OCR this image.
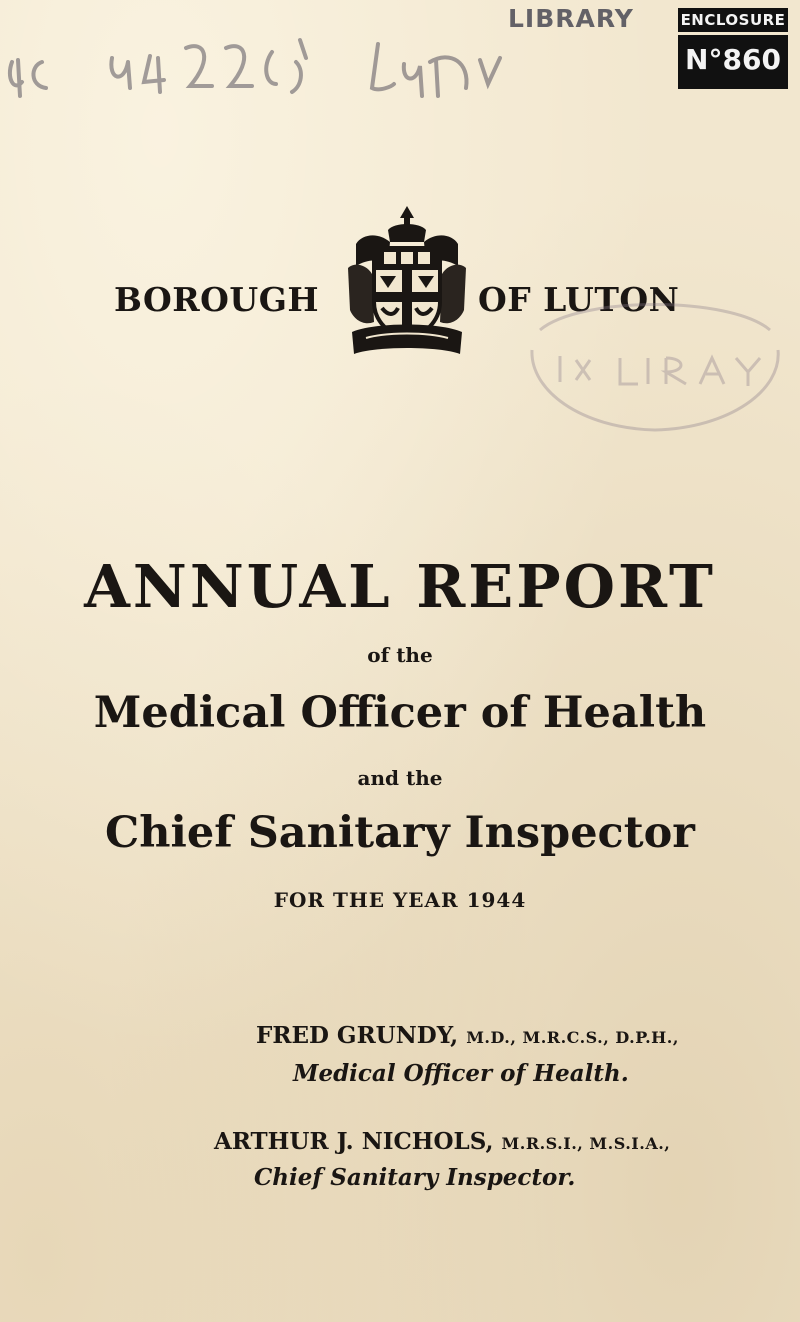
LIBRARY	ENCLOSURE
N°860
BOROUGH	OF LUTON
ANNUAL REPORT
of the
Medical Officer of Health
and the
Chief Sanitary Inspector
FOR THE YEAR 1944
FRED GRUNDY, M.D., M.R.C.S., D.P.H.,
Medical Officer of Health.
ARTHUR J. NICHOLS, M.R.S.I., M.S.I.A.,
Chief Sanitary Inspector.
